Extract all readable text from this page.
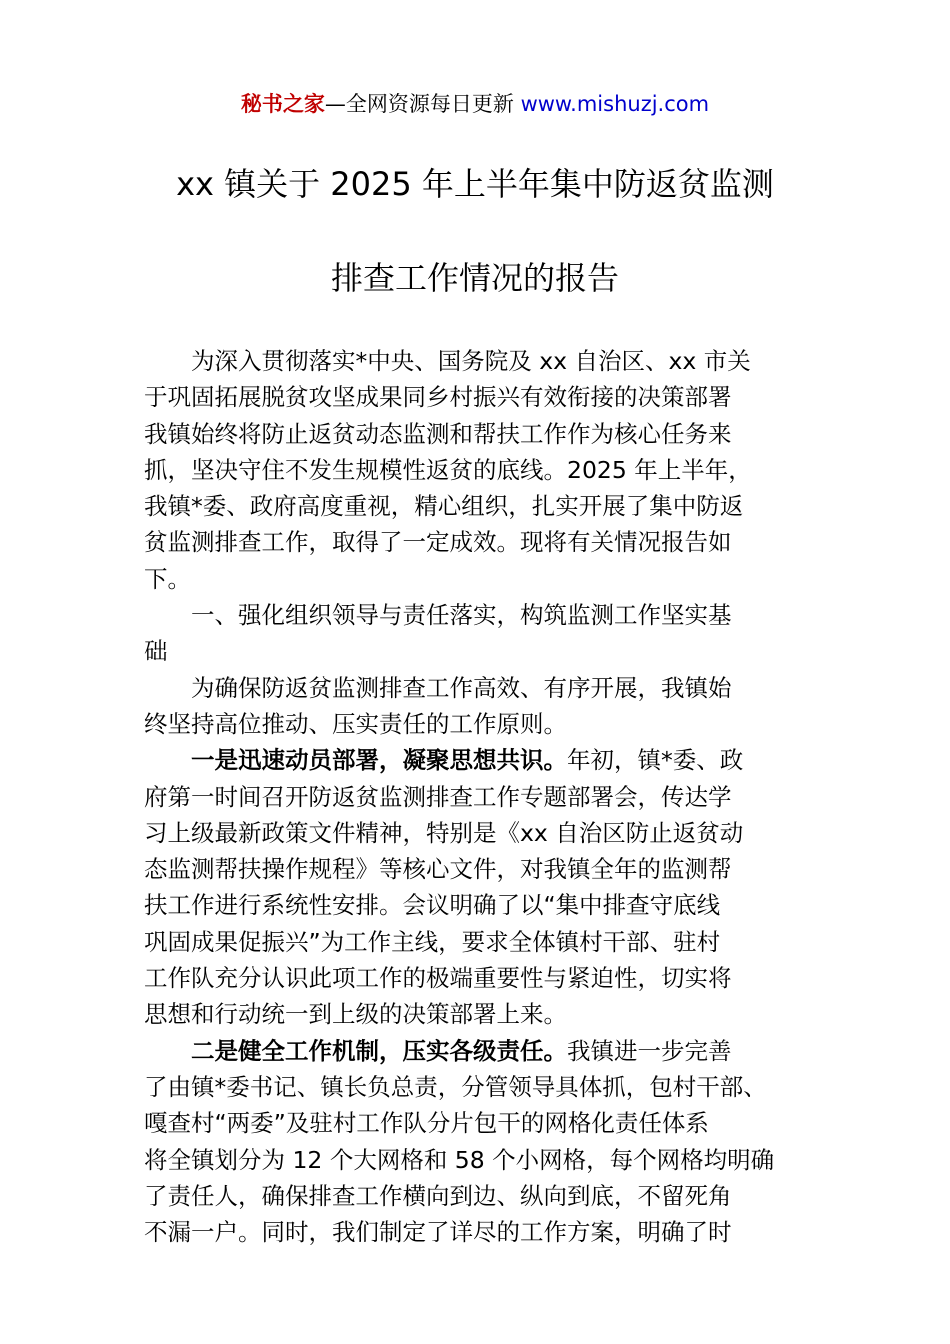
秘书之家—全网资源每日更新 www.mishuzj.com
xx 镇关于 2025 年上半年集中防返贫监测
排查工作情况的报告
为深入贯彻落实*中央、国务院及 xx 自治区、xx 市关
于巩固拓展脱贫攻坚成果同乡村振兴有效衔接的决策部署
我镇始终将防止返贫动态监测和帮扶工作作为核心任务来
抓，坚决守住不发生规模性返贫的底线。2025 年上半年，
我镇*委、政府高度重视，精心组织，扎实开展了集中防返
贫监测排查工作，取得了一定成效。现将有关情况报告如
下。
一、强化组织领导与责任落实，构筑监测工作坚实基
础
为确保防返贫监测排查工作高效、有序开展，我镇始
终坚持高位推动、压实责任的工作原则。
一是迅速动员部署，凝聚思想共识。年初，镇*委、政
府第一时间召开防返贫监测排查工作专题部署会，传达学
习上级最新政策文件精神，特别是《xx 自治区防止返贫动
态监测帮扶操作规程》等核心文件，对我镇全年的监测帮
扶工作进行系统性安排。会议明确了以“集中排查守底线
巩固成果促振兴”为工作主线，要求全体镇村干部、驻村
工作队充分认识此项工作的极端重要性与紧迫性，切实将
思想和行动统一到上级的决策部署上来。
二是健全工作机制，压实各级责任。我镇进一步完善
了由镇*委书记、镇长负总责，分管领导具体抓，包村干部、
嘎查村“两委”及驻村工作队分片包干的网格化责任体系
将全镇划分为 12 个大网格和 58 个小网格，每个网格均明确
了责任人，确保排查工作横向到边、纵向到底，不留死角
不漏一户。同时，我们制定了详尽的工作方案，明确了时
